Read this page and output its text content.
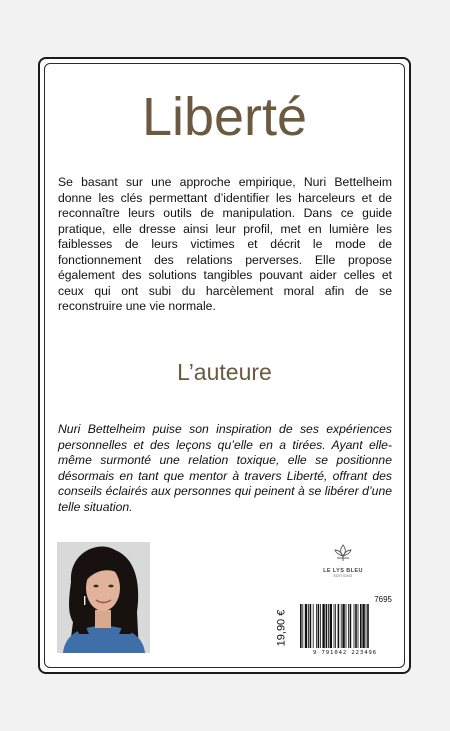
Liberté

Se basant sur une approche empirique, Nuri Bettelheim donne les clés permettant d’identifier les harceleurs et de reconnaître leurs outils de manipulation. Dans ce guide pratique, elle dresse ainsi leur profil, met en lumière les faiblesses de leurs victimes et décrit le mode de fonctionnement des relations perverses. Elle propose également des solutions tangibles pouvant aider celles et ceux qui ont subi du harcèlement moral afin de se reconstruire une vie normale.

L’auteure

Nuri Bettelheim puise son inspiration de ses expériences personnelles et des leçons qu’elle en a tirées. Ayant elle-même surmonté une relation toxique, elle se positionne désormais en tant que mentor à travers Liberté, offrant des conseils éclairés aux personnes qui peinent à se libérer d’une telle situation.

LE LYS BLEU
ÉDITIONS
19,90 €
7695
9 791042 223496
